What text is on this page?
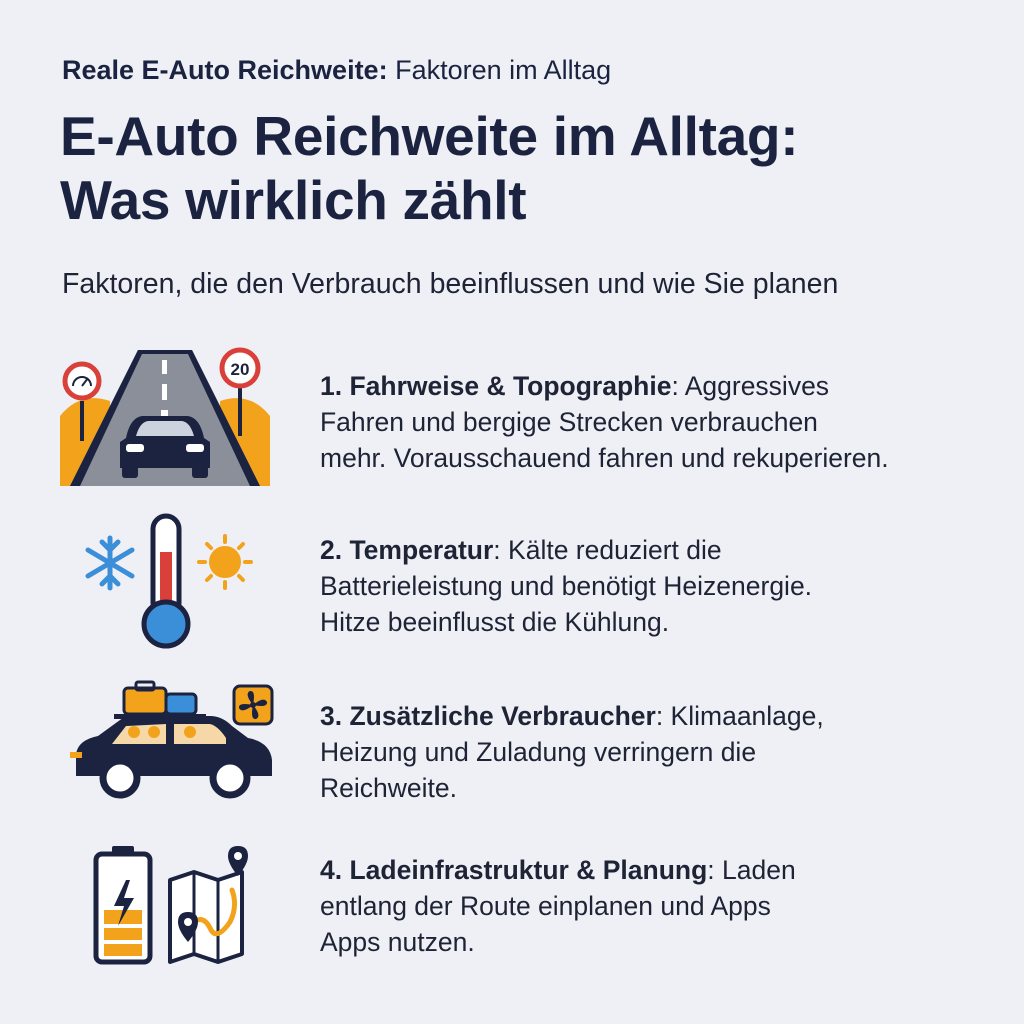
Reale E-Auto Reichweite: Faktoren im Alltag
E-Auto Reichweite im Alltag:
Was wirklich zählt
Faktoren, die den Verbrauch beeinflussen und wie Sie planen
20
1. Fahrweise & Topographie: Aggressives
Fahren und bergige Strecken verbrauchen
mehr. Vorausschauend fahren und rekuperieren.
2. Temperatur: Kälte reduziert die
Batterieleistung und benötigt Heizenergie.
Hitze beeinflusst die Kühlung.
3. Zusätzliche Verbraucher: Klimaanlage,
Heizung und Zuladung verringern die
Reichweite.
4. Ladeinfrastruktur & Planung: Laden
entlang der Route einplanen und Apps
Apps nutzen.
